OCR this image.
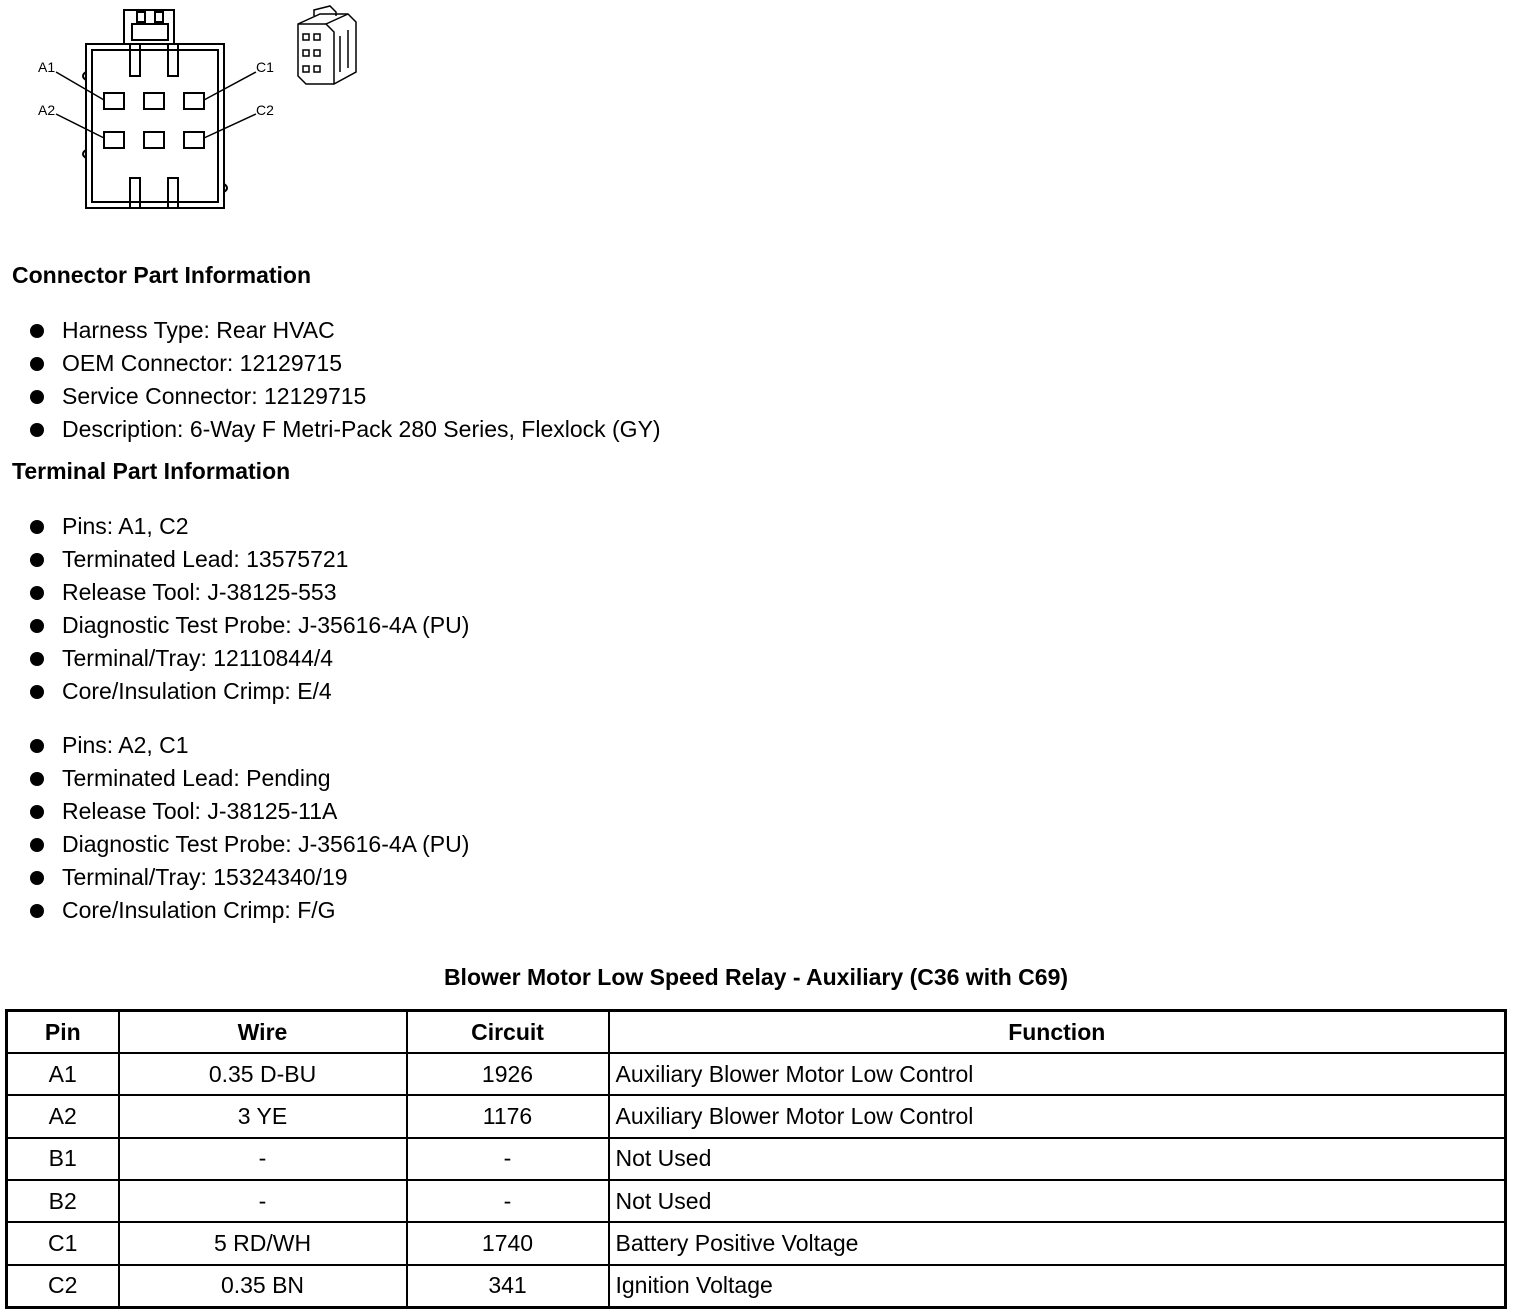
A1
A2
C1
C2
Connector Part Information
Harness Type: Rear HVAC
OEM Connector: 12129715
Service Connector: 12129715
Description: 6-Way F Metri-Pack 280 Series, Flexlock (GY)
Terminal Part Information
Pins: A1, C2
Terminated Lead: 13575721
Release Tool: J-38125-553
Diagnostic Test Probe: J-35616-4A (PU)
Terminal/Tray: 12110844/4
Core/Insulation Crimp: E/4
Pins: A2, C1
Terminated Lead: Pending
Release Tool: J-38125-11A
Diagnostic Test Probe: J-35616-4A (PU)
Terminal/Tray: 15324340/19
Core/Insulation Crimp: F/G
Blower Motor Low Speed Relay - Auxiliary (C36 with C69)
Pin	Wire	Circuit	Function
A1	0.35 D-BU	1926	Auxiliary Blower Motor Low Control
A2	3 YE	1176	Auxiliary Blower Motor Low Control
B1	-	-	Not Used
B2	-	-	Not Used
C1	5 RD/WH	1740	Battery Positive Voltage
C2	0.35 BN	341	Ignition Voltage
